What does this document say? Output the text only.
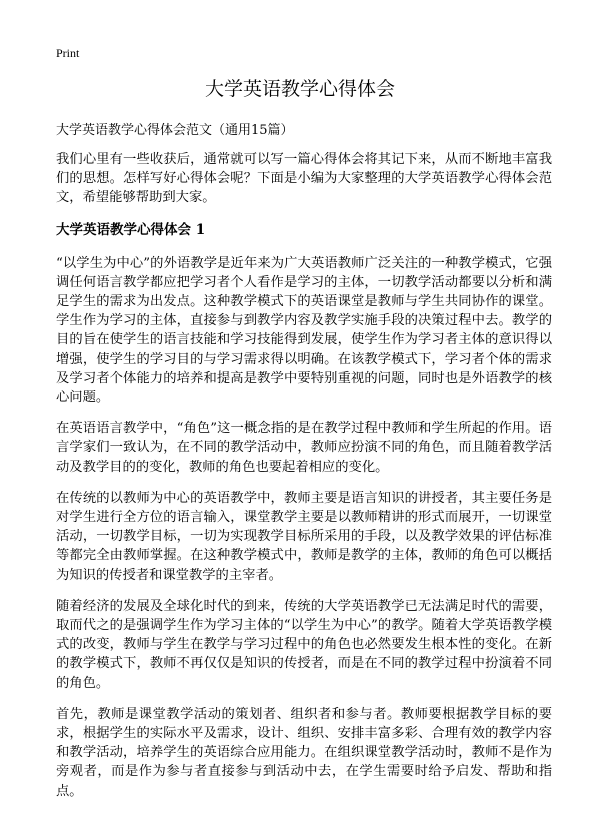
Print
大学英语教学心得体会
大学英语教学心得体会范文（通用15篇）

我们心里有一些收获后，通常就可以写一篇心得体会将其记下来，从而不断地丰富我们的思想。怎样写好心得体会呢？下面是小编为大家整理的大学英语教学心得体会范文，希望能够帮助到大家。

大学英语教学心得体会 1

“以学生为中心”的外语教学是近年来为广大英语教师广泛关注的一种教学模式，它强调任何语言教学都应把学习者个人看作是学习的主体，一切教学活动都要以分析和满足学生的需求为出发点。这种教学模式下的英语课堂是教师与学生共同协作的课堂。学生作为学习的主体，直接参与到教学内容及教学实施手段的决策过程中去。教学的目的旨在使学生的语言技能和学习技能得到发展，使学生作为学习者主体的意识得以增强，使学生的学习目的与学习需求得以明确。在该教学模式下，学习者个体的需求及学习者个体能力的培养和提高是教学中要特别重视的问题，同时也是外语教学的核心问题。

在英语语言教学中，“角色”这一概念指的是在教学过程中教师和学生所起的作用。语言学家们一致认为，在不同的教学活动中，教师应扮演不同的角色，而且随着教学活动及教学目的的变化，教师的角色也要起着相应的变化。

在传统的以教师为中心的英语教学中，教师主要是语言知识的讲授者，其主要任务是对学生进行全方位的语言输入，课堂教学主要是以教师精讲的形式而展开，一切课堂活动，一切教学目标，一切为实现教学目标所采用的手段，以及教学效果的评估标准等都完全由教师掌握。在这种教学模式中，教师是教学的主体，教师的角色可以概括为知识的传授者和课堂教学的主宰者。

随着经济的发展及全球化时代的到来，传统的大学英语教学已无法满足时代的需要，取而代之的是强调学生作为学习主体的“以学生为中心”的教学。随着大学英语教学模式的改变，教师与学生在教学与学习过程中的角色也必然要发生根本性的变化。在新的教学模式下，教师不再仅仅是知识的传授者，而是在不同的教学过程中扮演着不同的角色。

首先，教师是课堂教学活动的策划者、组织者和参与者。教师要根据教学目标的要求，根据学生的实际水平及需求，设计、组织、安排丰富多彩、合理有效的教学内容和教学活动，培养学生的英语综合应用能力。在组织课堂教学活动时，教师不是作为旁观者，而是作为参与者直接参与到活动中去，在学生需要时给予启发、帮助和指点。
